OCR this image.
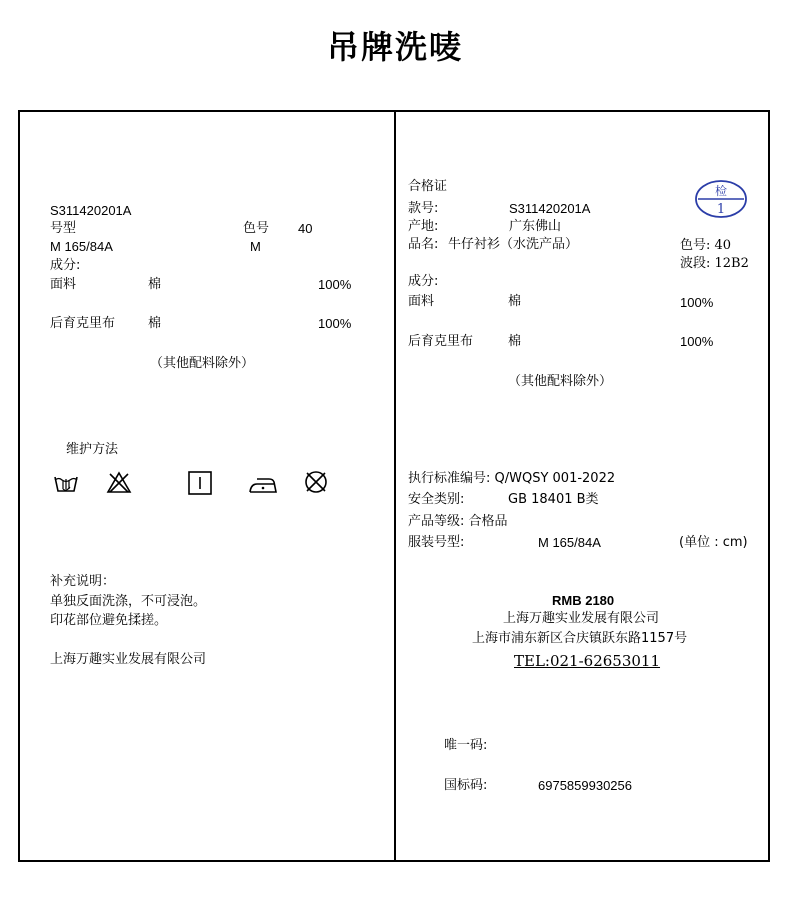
吊牌洗唛
S311420201A
号型	色号 40
M 165/84A	M
成分:
面料	棉	100%
后育克里布	棉	100%
（其他配料除外）
维护方法
补充说明：
单独反面洗涤，不可浸泡。
印花部位避免揉搓。
上海万趣实业发展有限公司
合格证	检
1
款号:	S311420201A
产地:	广东佛山
品名: 牛仔衬衫（水洗产品）	色号: 40
波段: 12B2
成分:
面料	棉	100%
后育克里布	棉	100%
（其他配料除外）
执行标准编号: Q/WQSY 001-2022
安全类别:	GB 18401 B类
产品等级: 合格品
服装号型:	M 165/84A	(单位 : cm)
RMB 2180
上海万趣实业发展有限公司
上海市浦东新区合庆镇跃东路1157号
TEL:021-62653011
唯一码:
国标码:	6975859930256
